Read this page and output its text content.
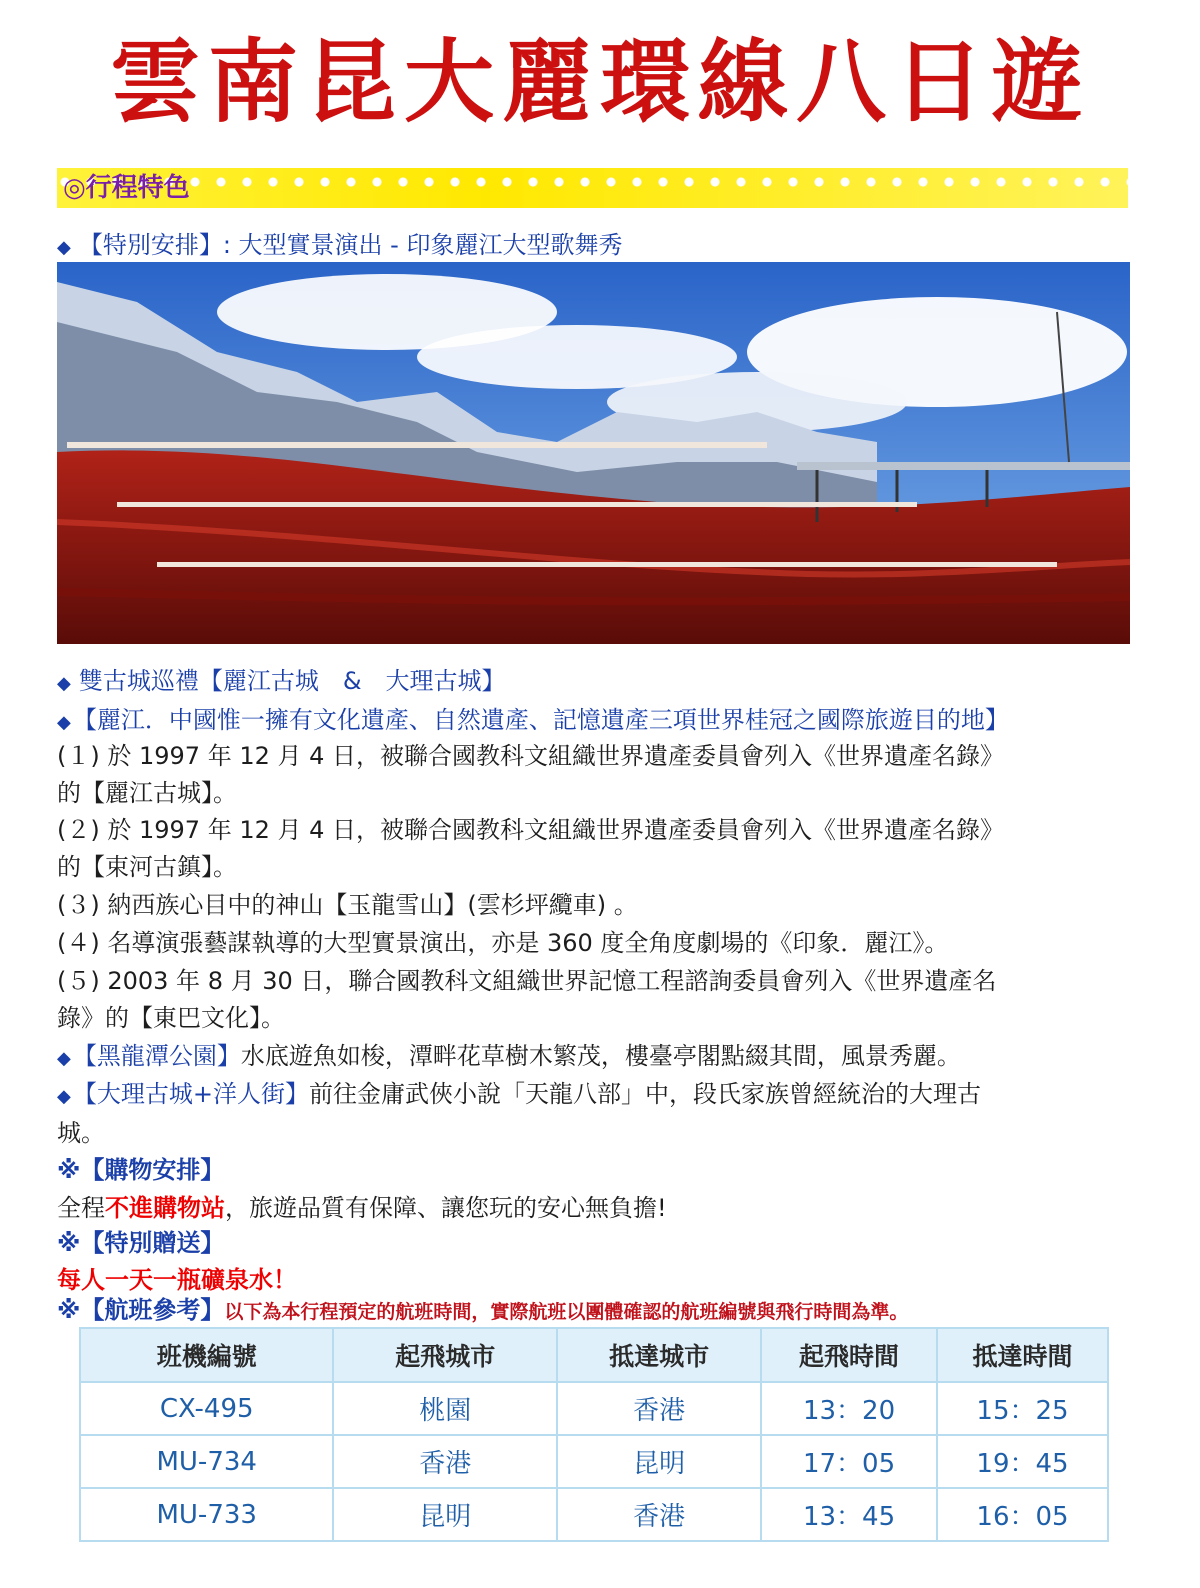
雲南昆大麗環線八日遊
◎行程特色
◆ 【特別安排】: 大型實景演出 - 印象麗江大型歌舞秀
◆ 雙古城巡禮【麗江古城　&　大理古城】
◆【麗江．中國惟一擁有文化遺產、自然遺產、記憶遺產三項世界桂冠之國際旅遊目的地】
(１) 於 1997 年 12 月 4 日，被聯合國教科文組織世界遺產委員會列入《世界遺產名錄》
的【麗江古城】。
(２) 於 1997 年 12 月 4 日，被聯合國教科文組織世界遺產委員會列入《世界遺產名錄》
的【束河古鎮】。
(３) 納西族心目中的神山【玉龍雪山】(雲杉坪纜車) 。
(４) 名導演張藝謀執導的大型實景演出，亦是 360 度全角度劇場的《印象．麗江》。
(５) 2003 年 8 月 30 日，聯合國教科文組織世界記憶工程諮詢委員會列入《世界遺產名
錄》的【東巴文化】。
◆【黑龍潭公園】水底遊魚如梭，潭畔花草樹木繁茂，樓臺亭閣點綴其間，風景秀麗。
◆【大理古城+洋人街】前往金庸武俠小說「天龍八部」中，段氏家族曾經統治的大理古
城。
※【購物安排】
全程不進購物站，旅遊品質有保障、讓您玩的安心無負擔!
※【特別贈送】
每人一天一瓶礦泉水！
※【航班參考】以下為本行程預定的航班時間，實際航班以團體確認的航班編號與飛行時間為準。
班機編號	起飛城市	抵達城市	起飛時間	抵達時間
CX-495	桃園	香港	13：20	15：25
MU-734	香港	昆明	17：05	19：45
MU-733	昆明	香港	13：45	16：05
